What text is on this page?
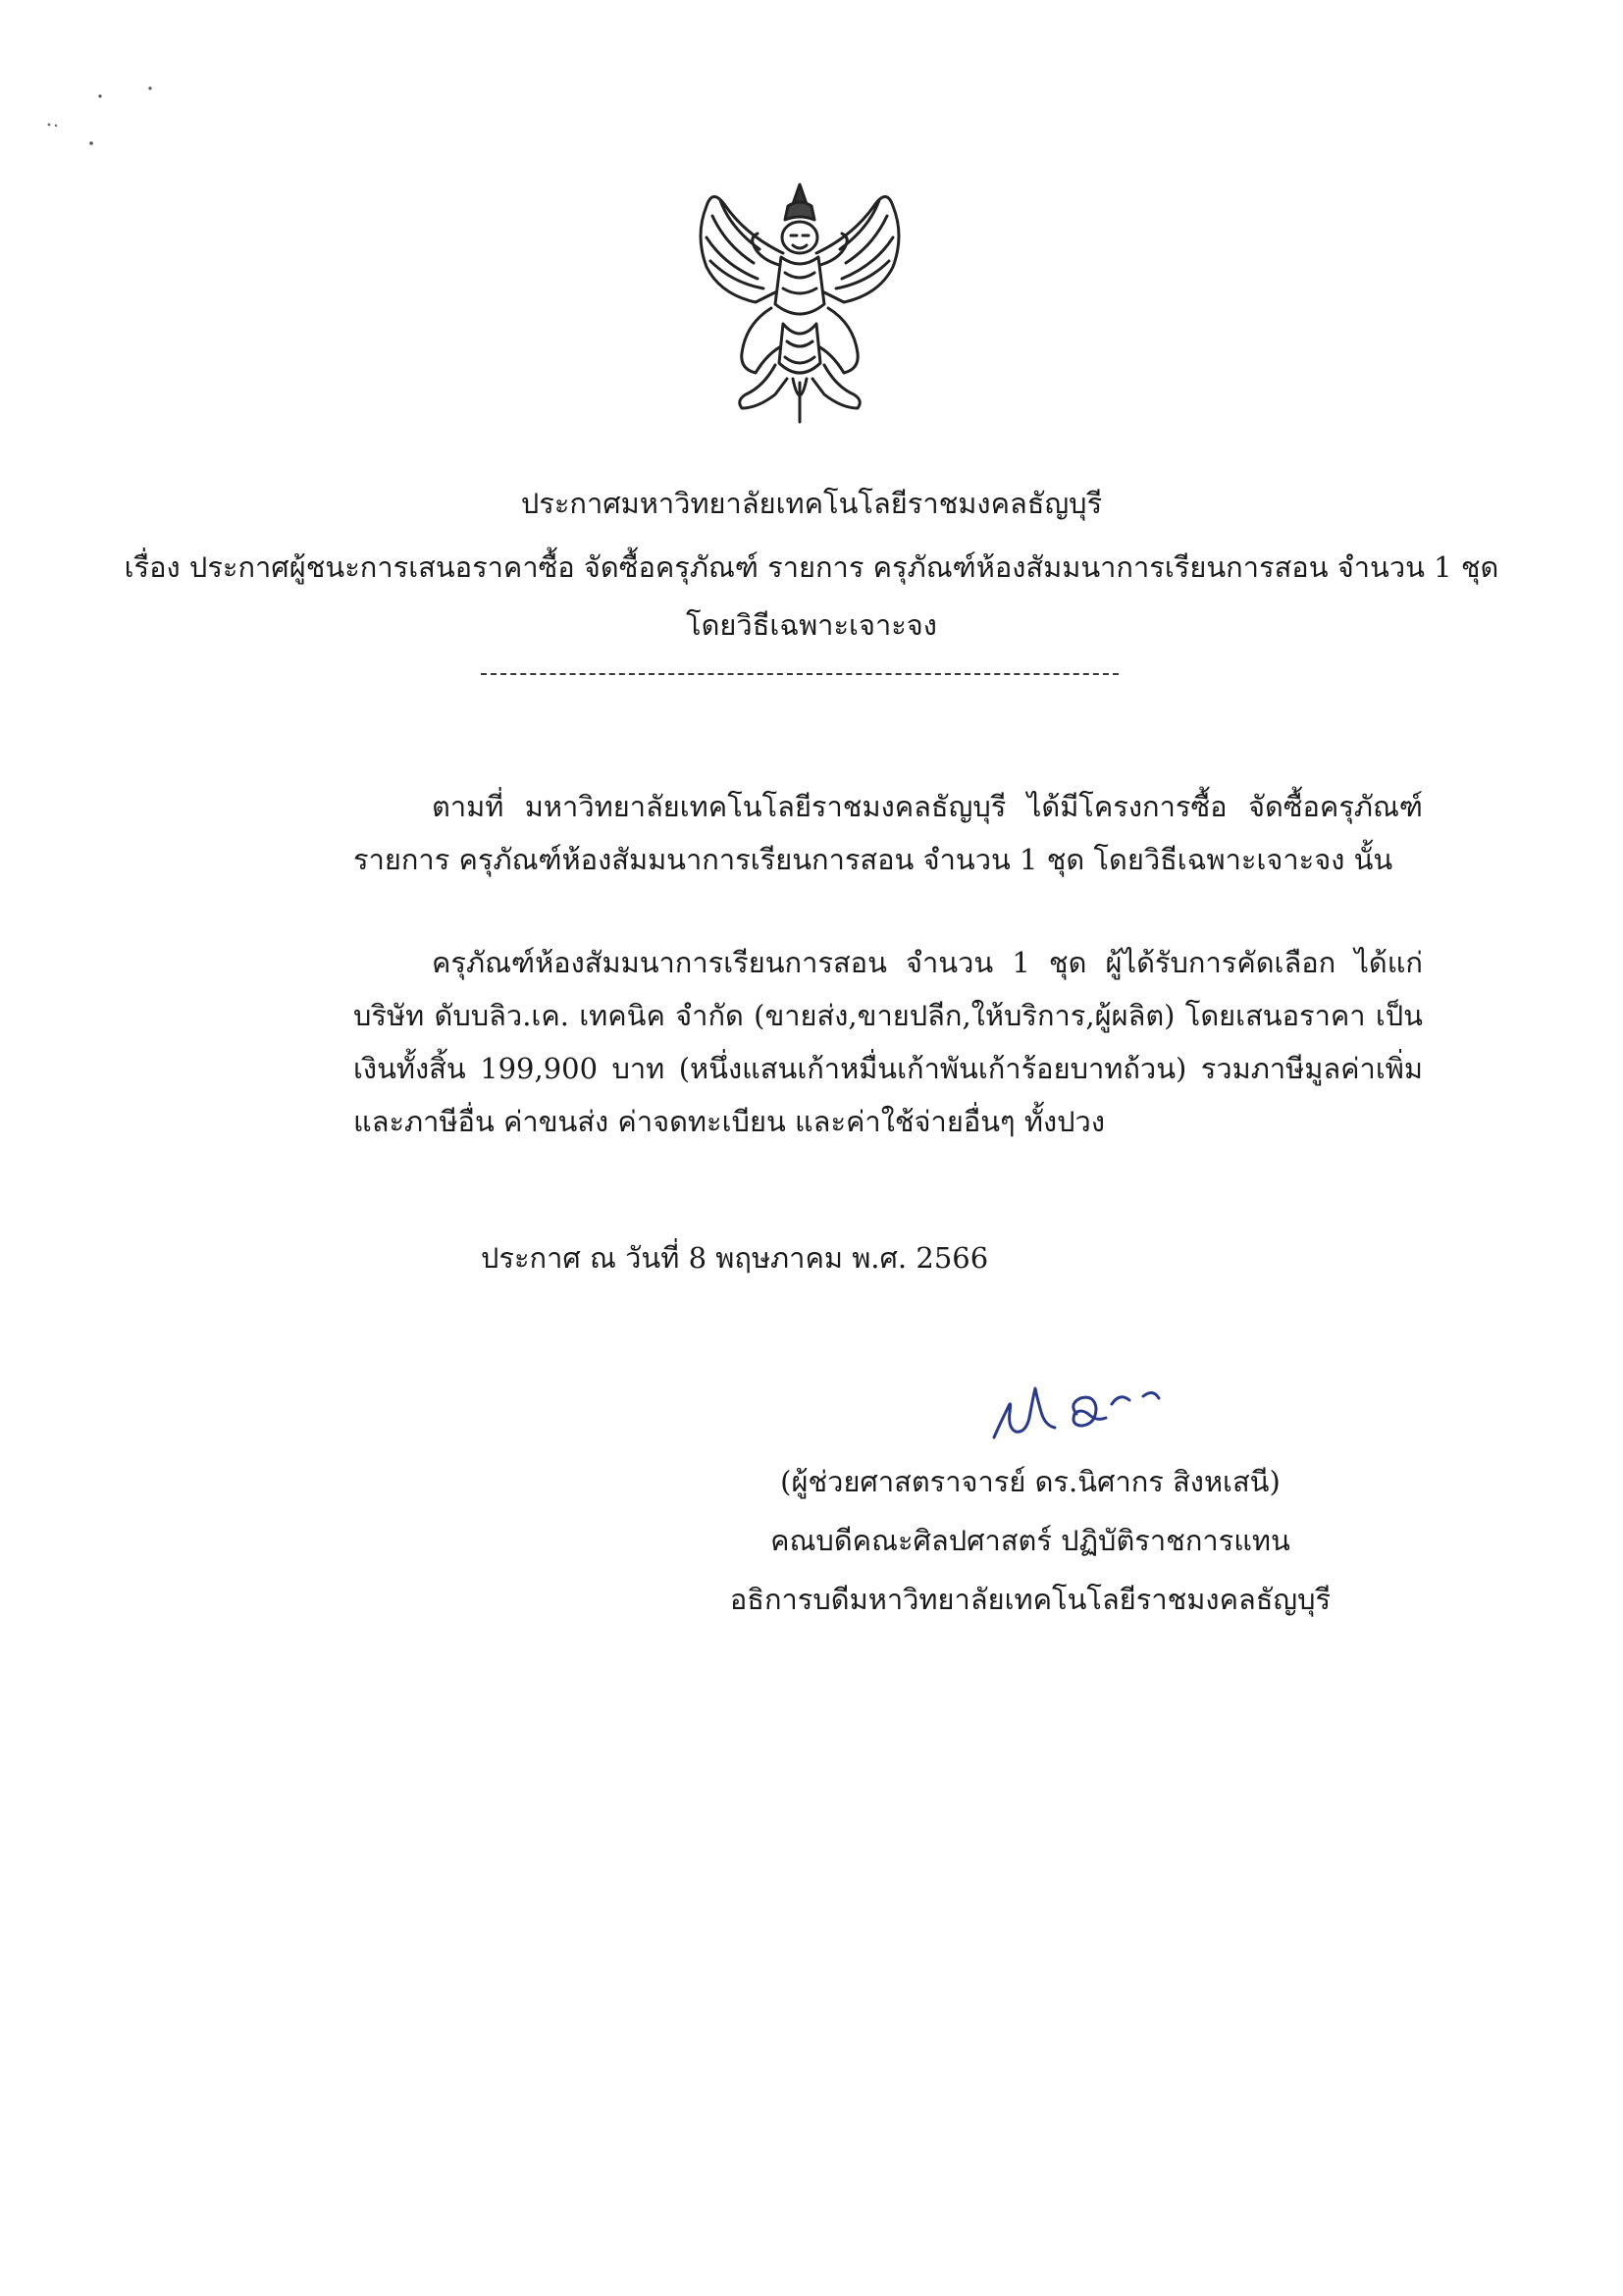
ประกาศมหาวิทยาลัยเทคโนโลยีราชมงคลธัญบุรี
เรื่อง ประกาศผู้ชนะการเสนอราคาซื้อ จัดซื้อครุภัณฑ์ รายการ ครุภัณฑ์ห้องสัมมนาการเรียนการสอน จำนวน 1 ชุด
โดยวิธีเฉพาะเจาะจง
ตามที่ มหาวิทยาลัยเทคโนโลยีราชมงคลธัญบุรี ได้มีโครงการซื้อ จัดซื้อครุภัณฑ์ รายการ ครุภัณฑ์ห้องสัมมนาการเรียนการสอน จำนวน 1 ชุด โดยวิธีเฉพาะเจาะจง นั้น
ครุภัณฑ์ห้องสัมมนาการเรียนการสอน จำนวน 1 ชุด ผู้ได้รับการคัดเลือก ได้แก่ บริษัท ดับบลิว.เค. เทคนิค จำกัด (ขายส่ง,ขายปลีก,ให้บริการ,ผู้ผลิต) โดยเสนอราคา เป็นเงินทั้งสิ้น 199,900 บาท (หนึ่งแสนเก้าหมื่นเก้าพันเก้าร้อยบาทถ้วน) รวมภาษีมูลค่าเพิ่มและภาษีอื่น ค่าขนส่ง ค่าจดทะเบียน และค่าใช้จ่ายอื่นๆ ทั้งปวง
ประกาศ ณ วันที่ 8 พฤษภาคม พ.ศ. 2566
(ผู้ช่วยศาสตราจารย์ ดร.นิศากร สิงหเสนี)
คณบดีคณะศิลปศาสตร์ ปฏิบัติราชการแทน
อธิการบดีมหาวิทยาลัยเทคโนโลยีราชมงคลธัญบุรี
